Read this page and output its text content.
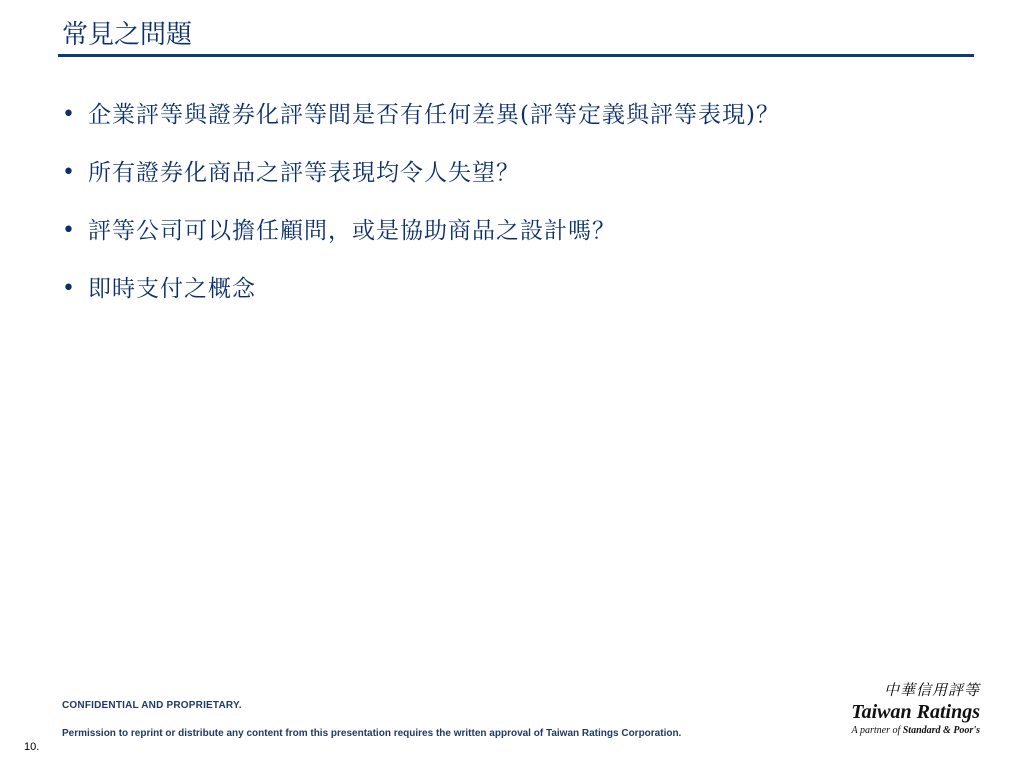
常見之問題
• 企業評等與證券化評等間是否有任何差異(評等定義與評等表現)？
• 所有證券化商品之評等表現均令人失望？
• 評等公司可以擔任顧問，或是協助商品之設計嗎？
• 即時支付之概念
CONFIDENTIAL AND PROPRIETARY.
Permission to reprint or distribute any content from this presentation requires the written approval of Taiwan Ratings Corporation.
10.
中華信用評等
Taiwan Ratings
A partner of Standard & Poor's
